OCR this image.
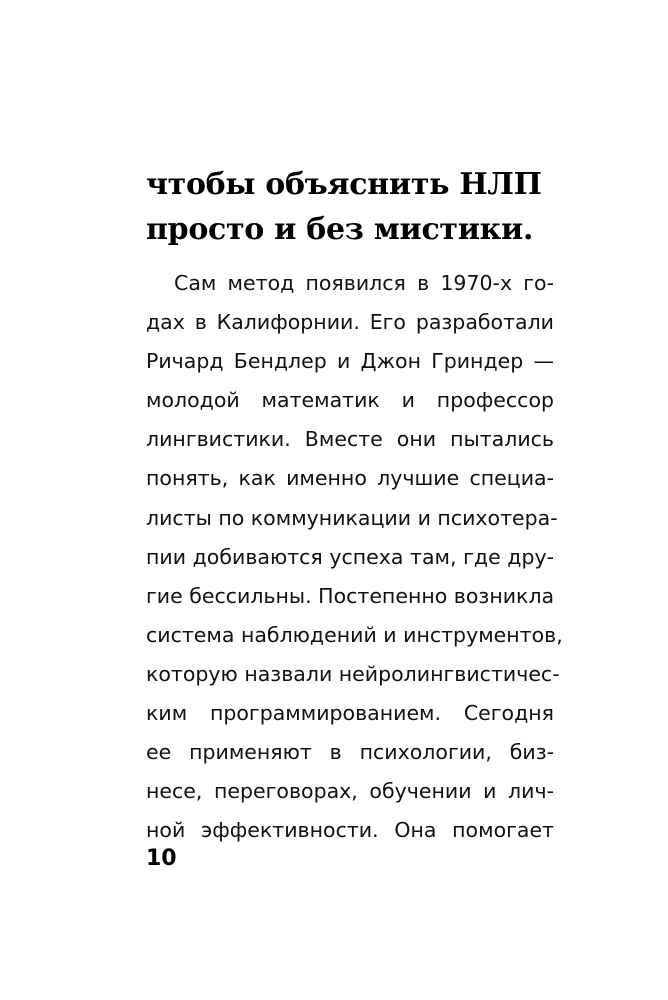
чтобы объяснить НЛП
просто и без мистики.
Сам метод появился в 1970-х го-
дах в Калифорнии. Его разработали
Ричард Бендлер и Джон Гриндер —
молодой математик и профессор
лингвистики. Вместе они пытались
понять, как именно лучшие специа-
листы по коммуникации и психотера-
пии добиваются успеха там, где дру-
гие бессильны. Постепенно возникла
система наблюдений и инструментов,
которую назвали нейролингвистичес-
ким программированием. Сегодня
ее применяют в психологии, биз-
несе, переговорах, обучении и лич-
ной эффективности. Она помогает
10
